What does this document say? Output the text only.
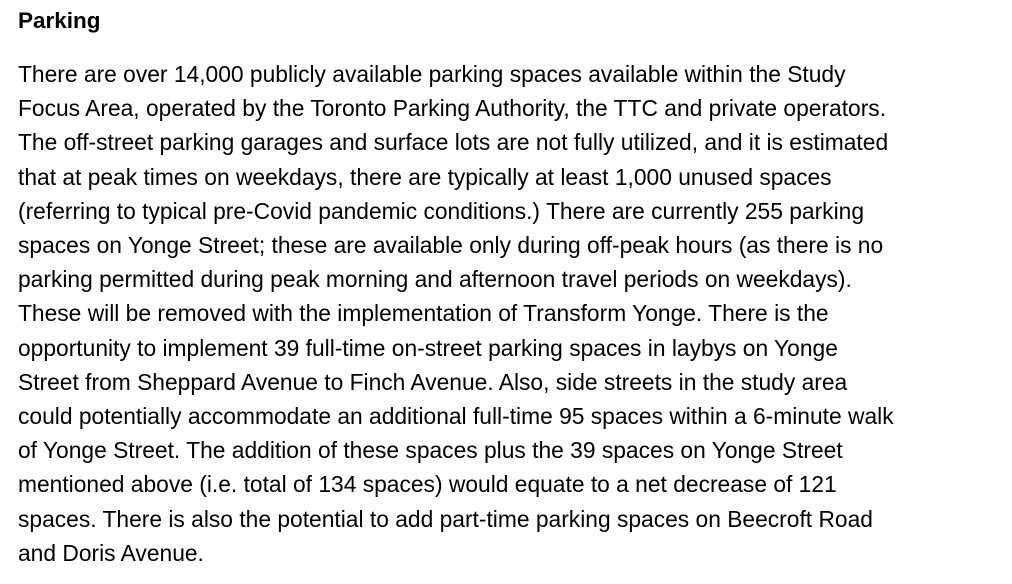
Parking
There are over 14,000 publicly available parking spaces available within the Study
Focus Area, operated by the Toronto Parking Authority, the TTC and private operators.
The off-street parking garages and surface lots are not fully utilized, and it is estimated
that at peak times on weekdays, there are typically at least 1,000 unused spaces
(referring to typical pre-Covid pandemic conditions.) There are currently 255 parking
spaces on Yonge Street; these are available only during off-peak hours (as there is no
parking permitted during peak morning and afternoon travel periods on weekdays).
These will be removed with the implementation of Transform Yonge. There is the
opportunity to implement 39 full-time on-street parking spaces in laybys on Yonge
Street from Sheppard Avenue to Finch Avenue. Also, side streets in the study area
could potentially accommodate an additional full-time 95 spaces within a 6-minute walk
of Yonge Street. The addition of these spaces plus the 39 spaces on Yonge Street
mentioned above (i.e. total of 134 spaces) would equate to a net decrease of 121
spaces. There is also the potential to add part-time parking spaces on Beecroft Road
and Doris Avenue.
